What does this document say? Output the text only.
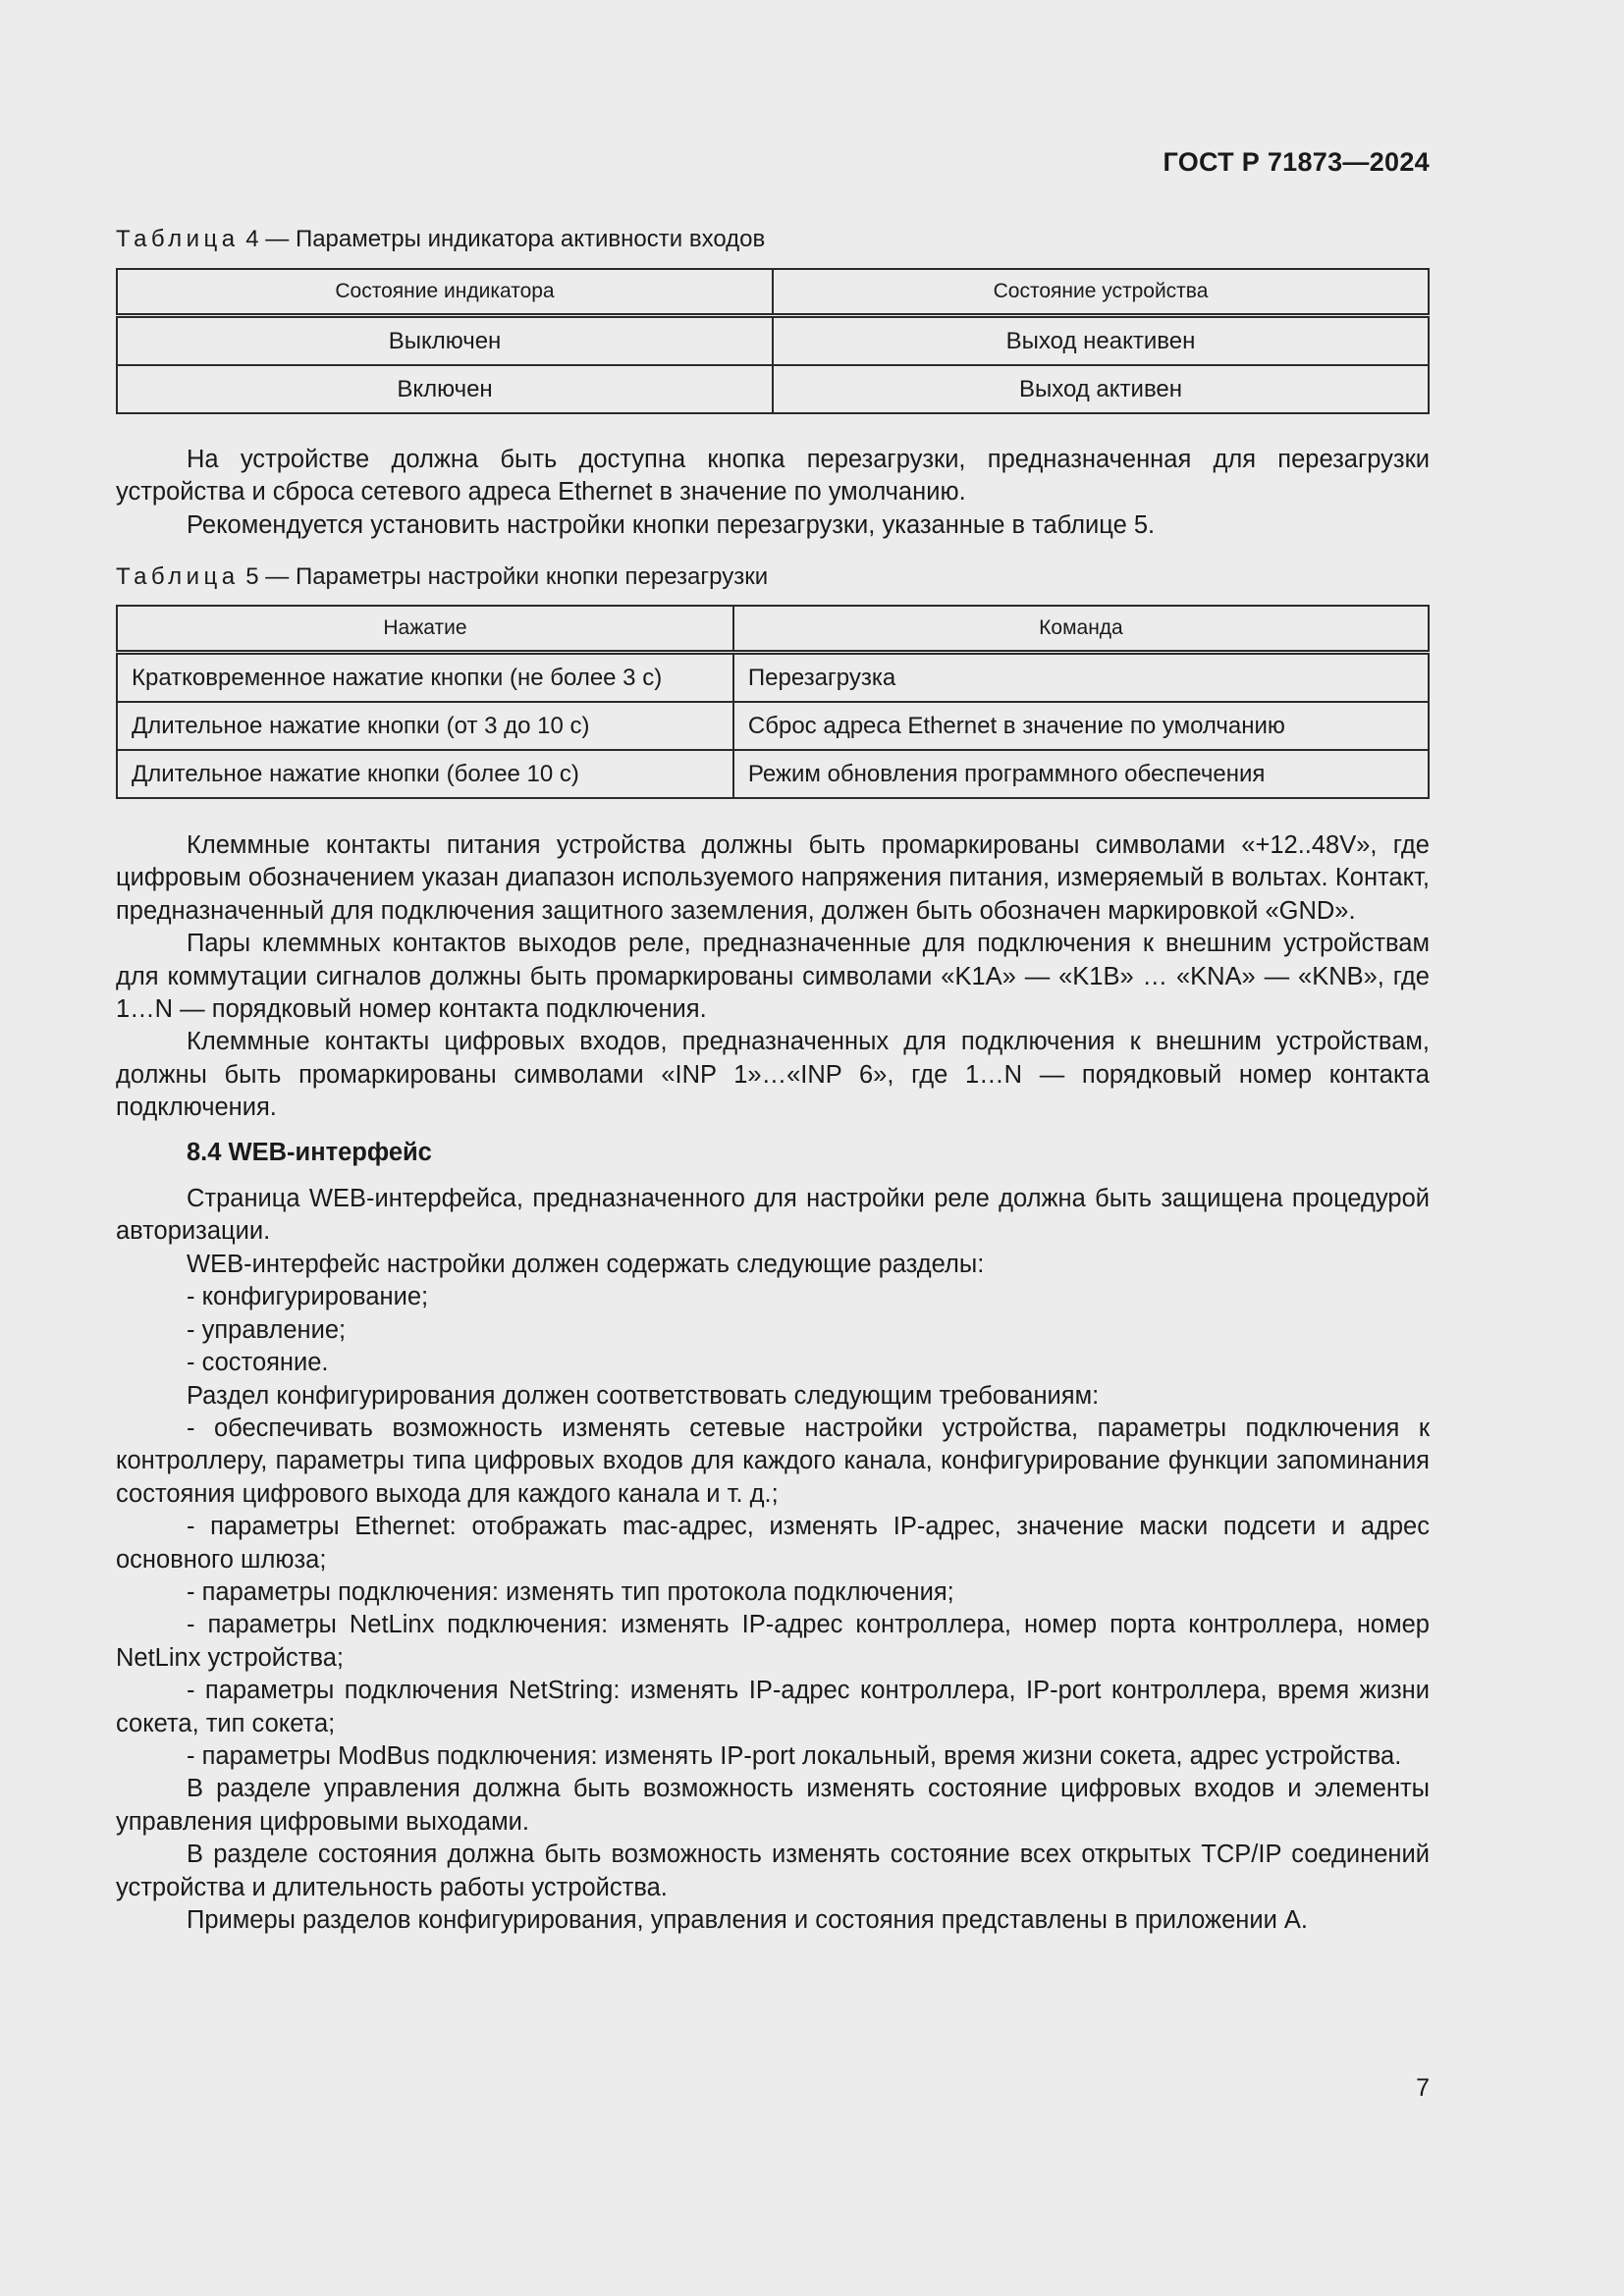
ГОСТ Р 71873—2024
Таблица 4 — Параметры индикатора активности входов
Состояние индикатора	Состояние устройства
Выключен	Выход неактивен
Включен	Выход активен

На устройстве должна быть доступна кнопка перезагрузки, предназначенная для перезагрузки устройства и сброса сетевого адреса Ethernet в значение по умолчанию.

Рекомендуется установить настройки кнопки перезагрузки, указанные в таблице 5.

Таблица 5 — Параметры настройки кнопки перезагрузки
Нажатие	Команда
Кратковременное нажатие кнопки (не более 3 с)	Перезагрузка
Длительное нажатие кнопки (от 3 до 10 с)	Сброс адреса Ethernet в значение по умолчанию
Длительное нажатие кнопки (более 10 с)	Режим обновления программного обеспечения

Клеммные контакты питания устройства должны быть промаркированы символами «+12..48V», где цифровым обозначением указан диапазон используемого напряжения питания, измеряемый в вольтах. Контакт, предназначенный для подключения защитного заземления, должен быть обозначен маркировкой «GND».

Пары клеммных контактов выходов реле, предназначенные для подключения к внешним устройствам для коммутации сигналов должны быть промаркированы символами «K1A» — «K1B» … «KNA» — «KNB», где 1…N — порядковый номер контакта подключения.

Клеммные контакты цифровых входов, предназначенных для подключения к внешним устройствам, должны быть промаркированы символами «INP 1»…«INP 6», где 1…N — порядковый номер контакта подключения.

8.4 WEB-интерфейс

Страница WEB-интерфейса, предназначенного для настройки реле должна быть защищена процедурой авторизации.

WEB-интерфейс настройки должен содержать следующие разделы:

- конфигурирование;

- управление;

- состояние.

Раздел конфигурирования должен соответствовать следующим требованиям:

- обеспечивать возможность изменять сетевые настройки устройства, параметры подключения к контроллеру, параметры типа цифровых входов для каждого канала, конфигурирование функции запоминания состояния цифрового выхода для каждого канала и т. д.;

- параметры Ethernet: отображать mac-адрес, изменять IP-адрес, значение маски подсети и адрес основного шлюза;

- параметры подключения: изменять тип протокола подключения;

- параметры NetLinx подключения: изменять IP-адрес контроллера, номер порта контроллера, номер NetLinx устройства;

- параметры подключения NetString: изменять IP-адрес контроллера, IP-port контроллера, время жизни сокета, тип сокета;

- параметры ModBus подключения: изменять IP-port локальный, время жизни сокета, адрес устройства.

В разделе управления должна быть возможность изменять состояние цифровых входов и элементы управления цифровыми выходами.

В разделе состояния должна быть возможность изменять состояние всех открытых TCP/IP соединений устройства и длительность работы устройства.

Примеры разделов конфигурирования, управления и состояния представлены в приложении А.

7
